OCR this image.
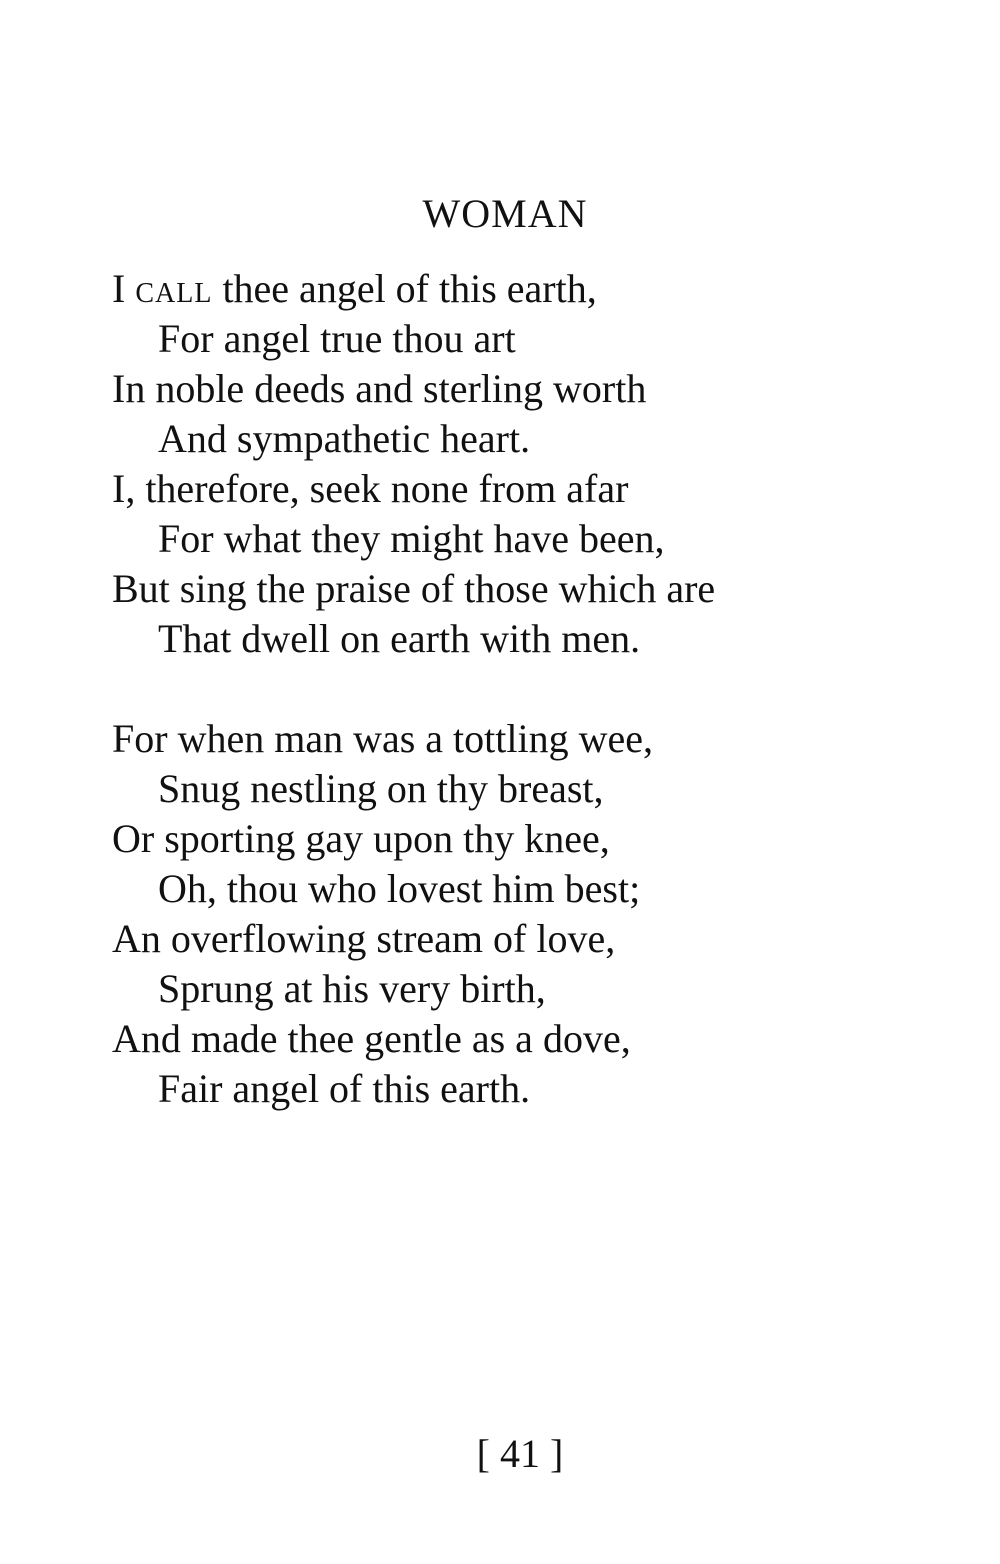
WOMAN
I call thee angel of this earth,
For angel true thou art
In noble deeds and sterling worth
And sympathetic heart.
I, therefore, seek none from afar
For what they might have been,
But sing the praise of those which are
That dwell on earth with men.
For when man was a tottling wee,
Snug nestling on thy breast,
Or sporting gay upon thy knee,
Oh, thou who lovest him best;
An overflowing stream of love,
Sprung at his very birth,
And made thee gentle as a dove,
Fair angel of this earth.
[ 41 ]
